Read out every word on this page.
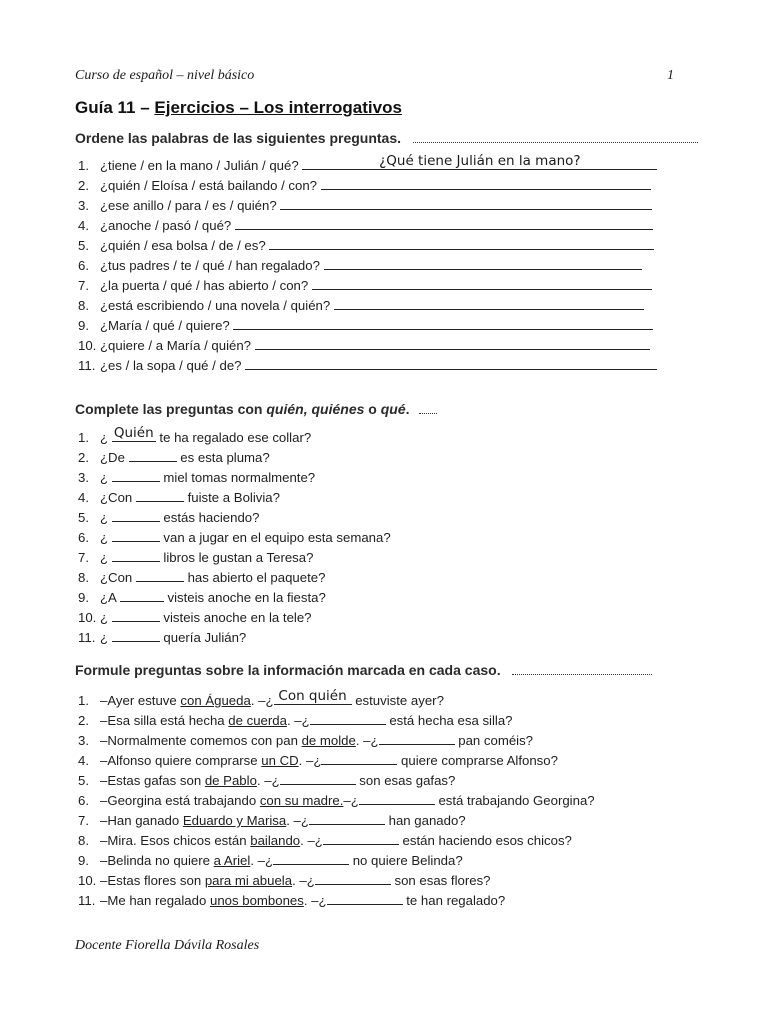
Curso de español – nivel básico	1
Guía 11 – Ejercicios – Los interrogativos
Ordene las palabras de las siguientes preguntas.
1. ¿tiene / en la mano / Julián / qué?	¿Qué tiene Julián en la mano?
2. ¿quién / Eloísa / está bailando / con?
3. ¿ese anillo / para / es / quién?
4. ¿anoche / pasó / qué?
5. ¿quién / esa bolsa / de / es?
6. ¿tus padres / te / qué / han regalado?
7. ¿la puerta / qué / has abierto / con?
8. ¿está escribiendo / una novela / quién?
9. ¿María / qué / quiere?
10. ¿quiere / a María / quién?
11. ¿es / la sopa / qué / de?
Complete las preguntas con quién, quiénes o qué.
1. ¿ Quién te ha regalado ese collar?
2. ¿De	es esta pluma?
3. ¿	miel tomas normalmente?
4. ¿Con	fuiste a Bolivia?
5. ¿	estás haciendo?
6. ¿	van a jugar en el equipo esta semana?
7. ¿	libros le gustan a Teresa?
8. ¿Con	has abierto el paquete?
9. ¿A	visteis anoche en la fiesta?
10. ¿	visteis anoche en la tele?
11. ¿	quería Julián?
Formule preguntas sobre la información marcada en cada caso.
1. –Ayer estuve con Águeda. –¿ Con quién estuviste ayer?
2. –Esa silla está hecha de cuerda. –¿	está hecha esa silla?
3. –Normalmente comemos con pan de molde. –¿	pan coméis?
4. –Alfonso quiere comprarse un CD. –¿	quiere comprarse Alfonso?
5. –Estas gafas son de Pablo. –¿	son esas gafas?
6. –Georgina está trabajando con su madre.–¿	está trabajando Georgina?
7. –Han ganado Eduardo y Marisa. –¿	han ganado?
8. –Mira. Esos chicos están bailando. –¿	están haciendo esos chicos?
9. –Belinda no quiere a Ariel. –¿	no quiere Belinda?
10. –Estas flores son para mi abuela. –¿	son esas flores?
11. –Me han regalado unos bombones. –¿	te han regalado?
Docente Fiorella Dávila Rosales
